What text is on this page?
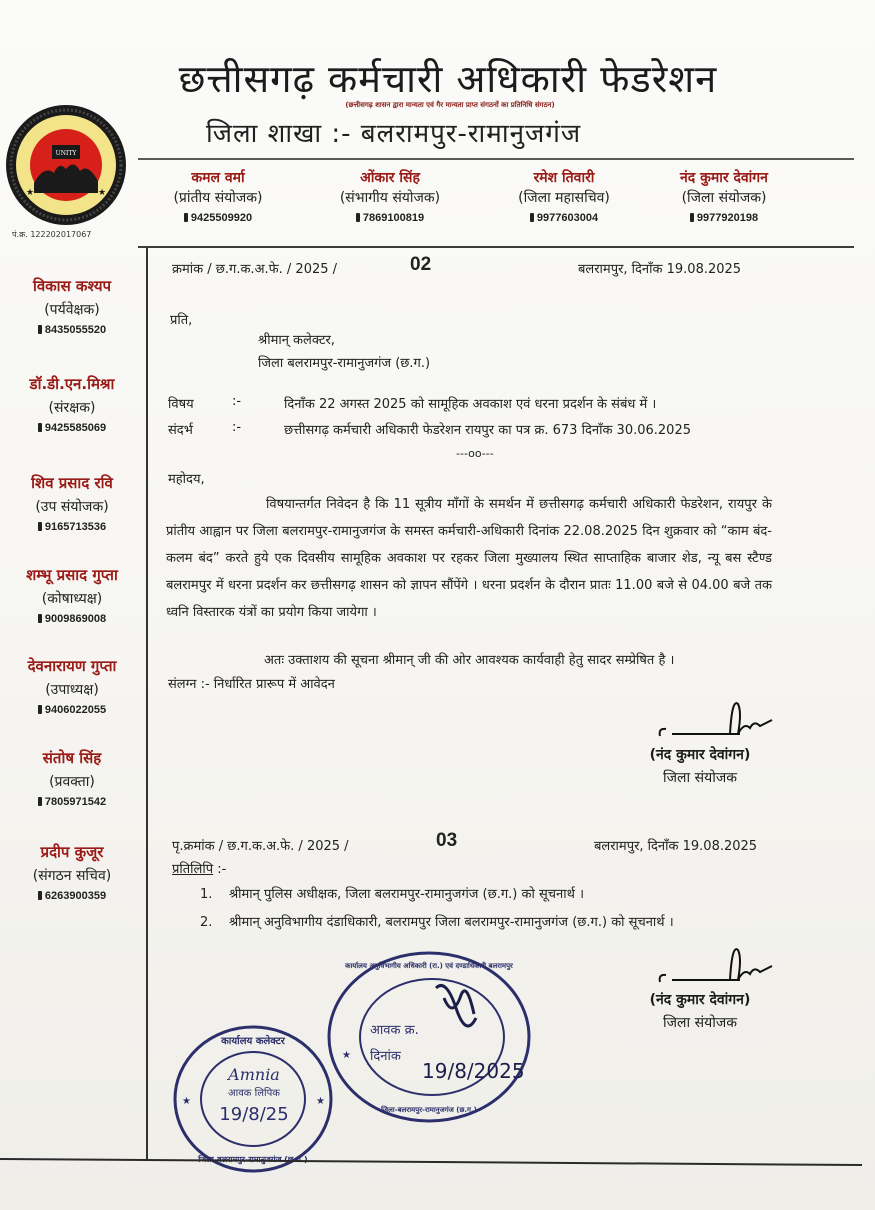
UNITY
★	★
पं.क्र. 122202017067
छत्तीसगढ़ कर्मचारी अधिकारी फेडरेशन
(छत्तीसगढ़ शासन द्वारा मान्यता एवं गैर मान्यता प्राप्त संगठनों का प्रतिनिधि संगठन)
जिला शाखा :- बलरामपुर-रामानुजगंज
कमल वर्मा
(प्रांतीय संयोजक)
9425509920
ओंकार सिंह
(संभागीय संयोजक)
7869100819
रमेश तिवारी
(जिला महासचिव)
9977603004
नंद कुमार देवांगन
(जिला संयोजक)
9977920198
विकास कश्यप
(पर्यवेक्षक)
8435055520
डॉ.डी.एन.मिश्रा
(संरक्षक)
9425585069
शिव प्रसाद रवि
(उप संयोजक)
9165713536
शम्भू प्रसाद गुप्ता
(कोषाध्यक्ष)
9009869008
देवनारायण गुप्ता
(उपाध्यक्ष)
9406022055
संतोष सिंह
(प्रवक्ता)
7805971542
प्रदीप कुजूर
(संगठन सचिव)
6263900359
क्रमांक / छ.ग.क.अ.फे. / 2025 /	02	बलरामपुर, दिनाँक 19.08.2025
प्रति,
श्रीमान् कलेक्टर,
जिला बलरामपुर-रामानुजगंज (छ.ग.)
विषय	:-	दिनाँक 22 अगस्त 2025 को सामूहिक अवकाश एवं धरना प्रदर्शन के संबंध में ।
संदर्भ	:-	छत्तीसगढ़ कर्मचारी अधिकारी फेडरेशन रायपुर का पत्र क्र. 673 दिनाँक 30.06.2025
---oo---
महोदय,
विषयान्तर्गत निवेदन है कि 11 सूत्रीय माँगों के समर्थन में छत्तीसगढ़ कर्मचारी अधिकारी फेडरेशन, रायपुर के प्रांतीय आह्वान पर जिला बलरामपुर-रामानुजगंज के समस्त कर्मचारी-अधिकारी दिनांक 22.08.2025 दिन शुक्रवार को “काम बंद-कलम बंद” करते हुये एक दिवसीय सामूहिक अवकाश पर रहकर जिला मुख्यालय स्थित साप्ताहिक बाजार शेड, न्यू बस स्टैण्ड बलरामपुर में धरना प्रदर्शन कर छत्तीसगढ़ शासन को ज्ञापन सौंपेंगे । धरना प्रदर्शन के दौरान प्रातः 11.00 बजे से 04.00 बजे तक ध्वनि विस्तारक यंत्रों का प्रयोग किया जायेगा ।
अतः उक्ताशय की सूचना श्रीमान् जी की ओर आवश्यक कार्यवाही हेतु सादर सम्प्रेषित है ।
संलग्न :- निर्धारित प्रारूप में आवेदन
(नंद कुमार देवांगन)
जिला संयोजक
पृ.क्रमांक / छ.ग.क.अ.फे. / 2025 /	03	बलरामपुर, दिनाँक 19.08.2025
प्रतिलिपि :-
1. श्रीमान् पुलिस अधीक्षक, जिला बलरामपुर-रामानुजगंज (छ.ग.) को सूचनार्थ ।
2. श्रीमान् अनुविभागीय दंडाधिकारी, बलरामपुर जिला बलरामपुर-रामानुजगंज (छ.ग.) को सूचनार्थ ।
(नंद कुमार देवांगन)
जिला संयोजक
कार्यालय कलेक्टर
आवक लिपिक
19/8/25
Amnia
★	★
कार्यालय अनुविभागीय अधिकारी (रा.) एवं दण्डाधिकारी बलरामपुर
आवक क्र.
दिनांक
19/8/2025
जिला-बलरामपुर-रामानुजगंज (छ.ग.)
★
